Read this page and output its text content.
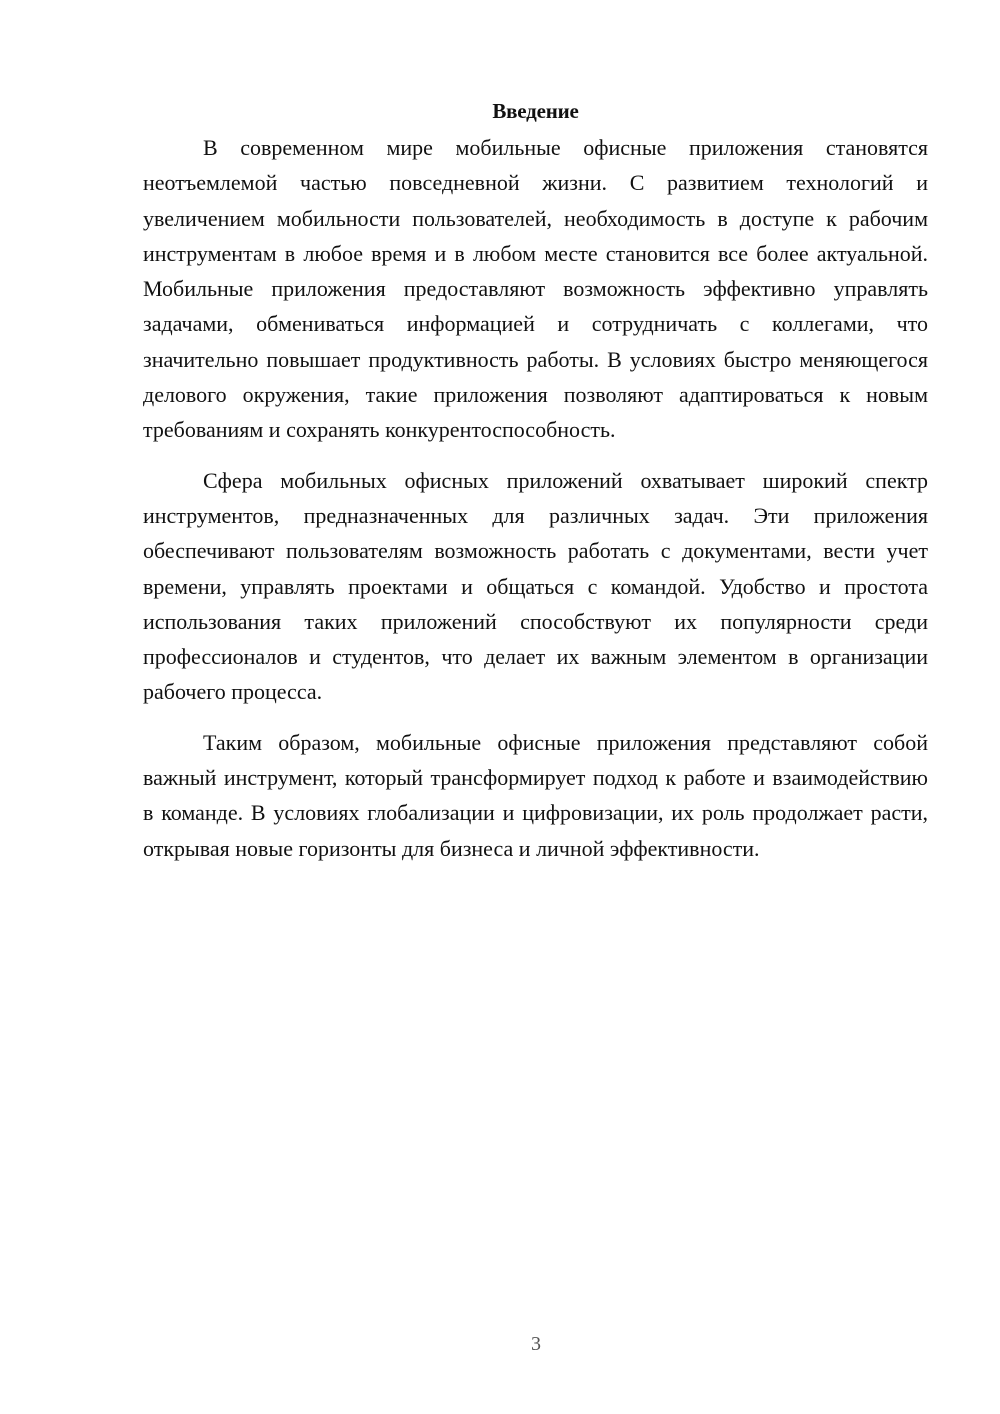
Введение

В современном мире мобильные офисные приложения становятся неотъемлемой частью повседневной жизни. С развитием технологий и увеличением мобильности пользователей, необходимость в доступе к рабочим инструментам в любое время и в любом месте становится все более актуальной. Мобильные приложения предоставляют возможность эффективно управлять задачами, обмениваться информацией и сотрудничать с коллегами, что значительно повышает продуктивность работы. В условиях быстро меняющегося делового окружения, такие приложения позволяют адаптироваться к новым требованиям и сохранять конкурентоспособность.

Сфера мобильных офисных приложений охватывает широкий спектр инструментов, предназначенных для различных задач. Эти приложения обеспечивают пользователям возможность работать с документами, вести учет времени, управлять проектами и общаться с командой. Удобство и простота использования таких приложений способствуют их популярности среди профессионалов и студентов, что делает их важным элементом в организации рабочего процесса.

Таким образом, мобильные офисные приложения представляют собой важный инструмент, который трансформирует подход к работе и взаимодействию в команде. В условиях глобализации и цифровизации, их роль продолжает расти, открывая новые горизонты для бизнеса и личной эффективности.

3
